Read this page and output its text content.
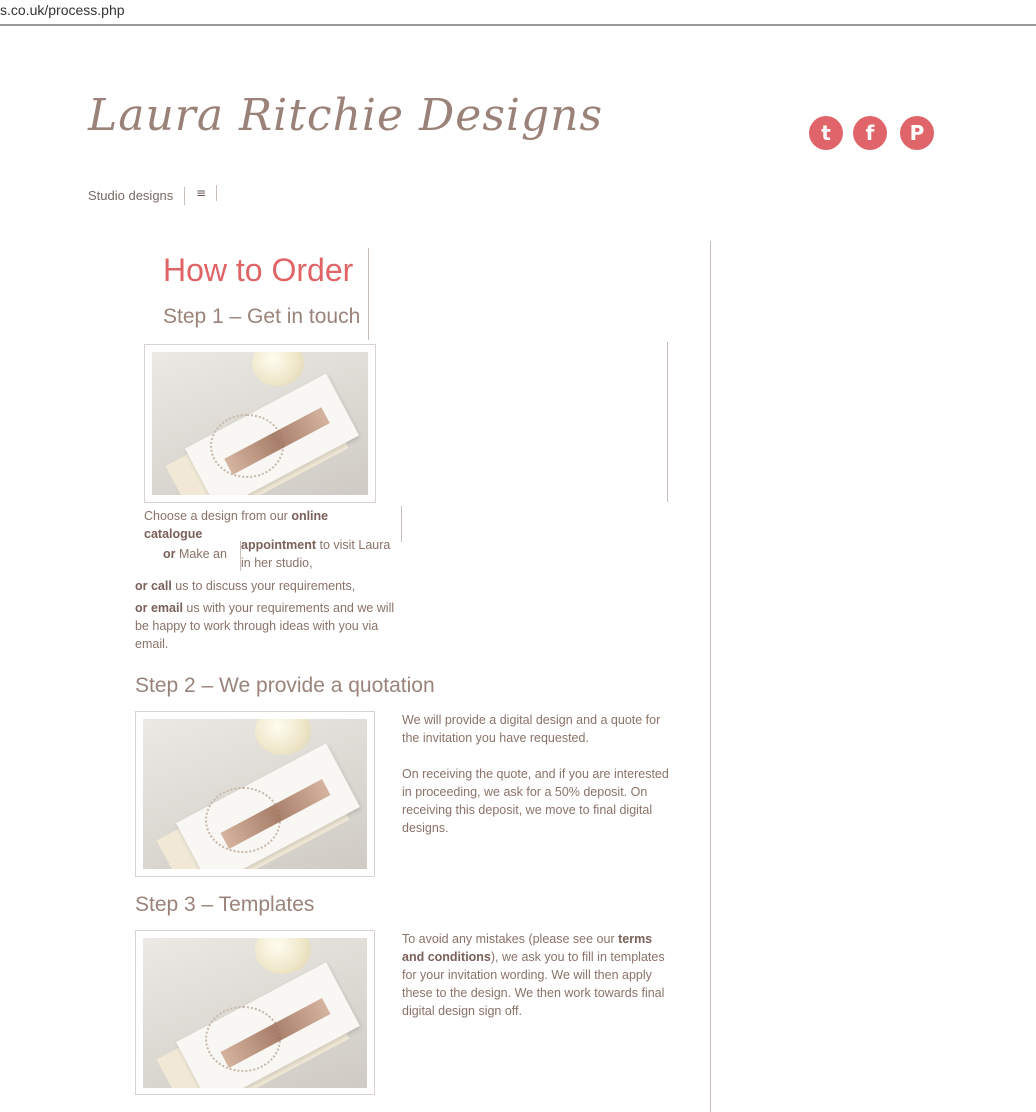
s.co.uk/process.php
Laura Ritchie Designs	t	f	P
Studio designs ≡
How to Order
Step 1 – Get in touch
Choose a design from our online catalogue
or Make an
appointment to visit Laura in her studio,
or call us to discuss your requirements,
or email us with your requirements and we will be happy to work through ideas with you via email.
Step 2 – We provide a quotation
We will provide a digital design and a quote for the invitation you have requested.
On receiving the quote, and if you are interested in proceeding, we ask for a 50% deposit. On receiving this deposit, we move to final digital designs.
Step 3 – Templates
To avoid any mistakes (please see our terms and conditions), we ask you to fill in templates for your invitation wording. We will then apply these to the design. We then work towards final digital design sign off.
